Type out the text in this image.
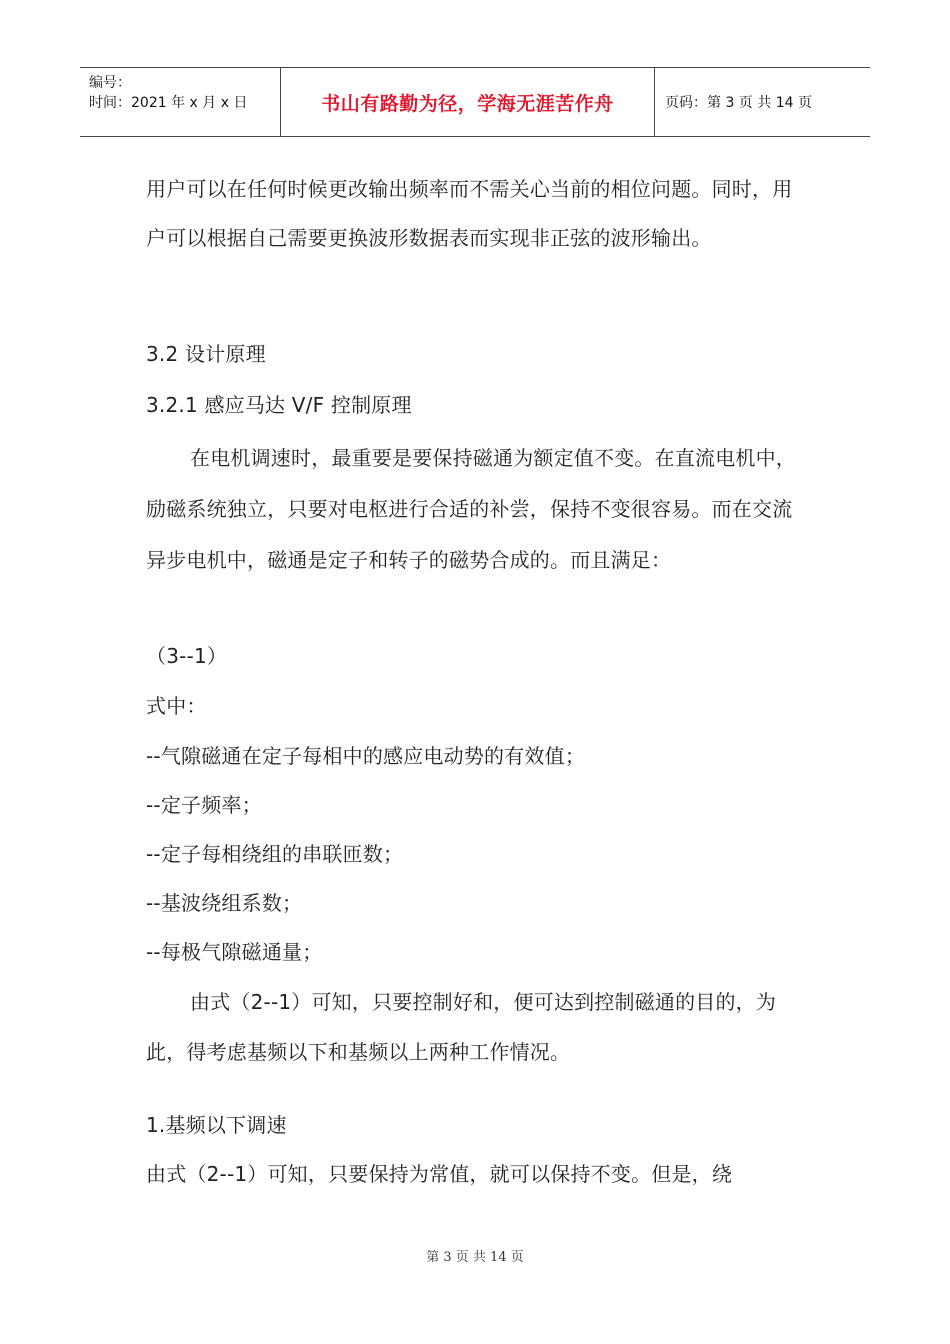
编号：
时间：2021 年 x 月 x 日	书山有路勤为径，学海无涯苦作舟	页码：第 3 页 共 14 页
用户可以在任何时候更改输出频率而不需关心当前的相位问题。同时，用户可以根据自己需要更换波形数据表而实现非正弦的波形输出。
3.2 设计原理
3.2.1 感应马达 V/F 控制原理
在电机调速时，最重要是要保持磁通为额定值不变。在直流电机中，励磁系统独立，只要对电枢进行合适的补尝，保持不变很容易。而在交流异步电机中，磁通是定子和转子的磁势合成的。而且满足：
（3--1）
式中：
--气隙磁通在定子每相中的感应电动势的有效值；
--定子频率；
--定子每相绕组的串联匝数；
--基波绕组系数；
--每极气隙磁通量；
由式（2--1）可知，只要控制好和，便可达到控制磁通的目的，为此，得考虑基频以下和基频以上两种工作情况。
1.基频以下调速
由式（2--1）可知，只要保持为常值，就可以保持不变。但是，绕
第 3 页 共 14 页
